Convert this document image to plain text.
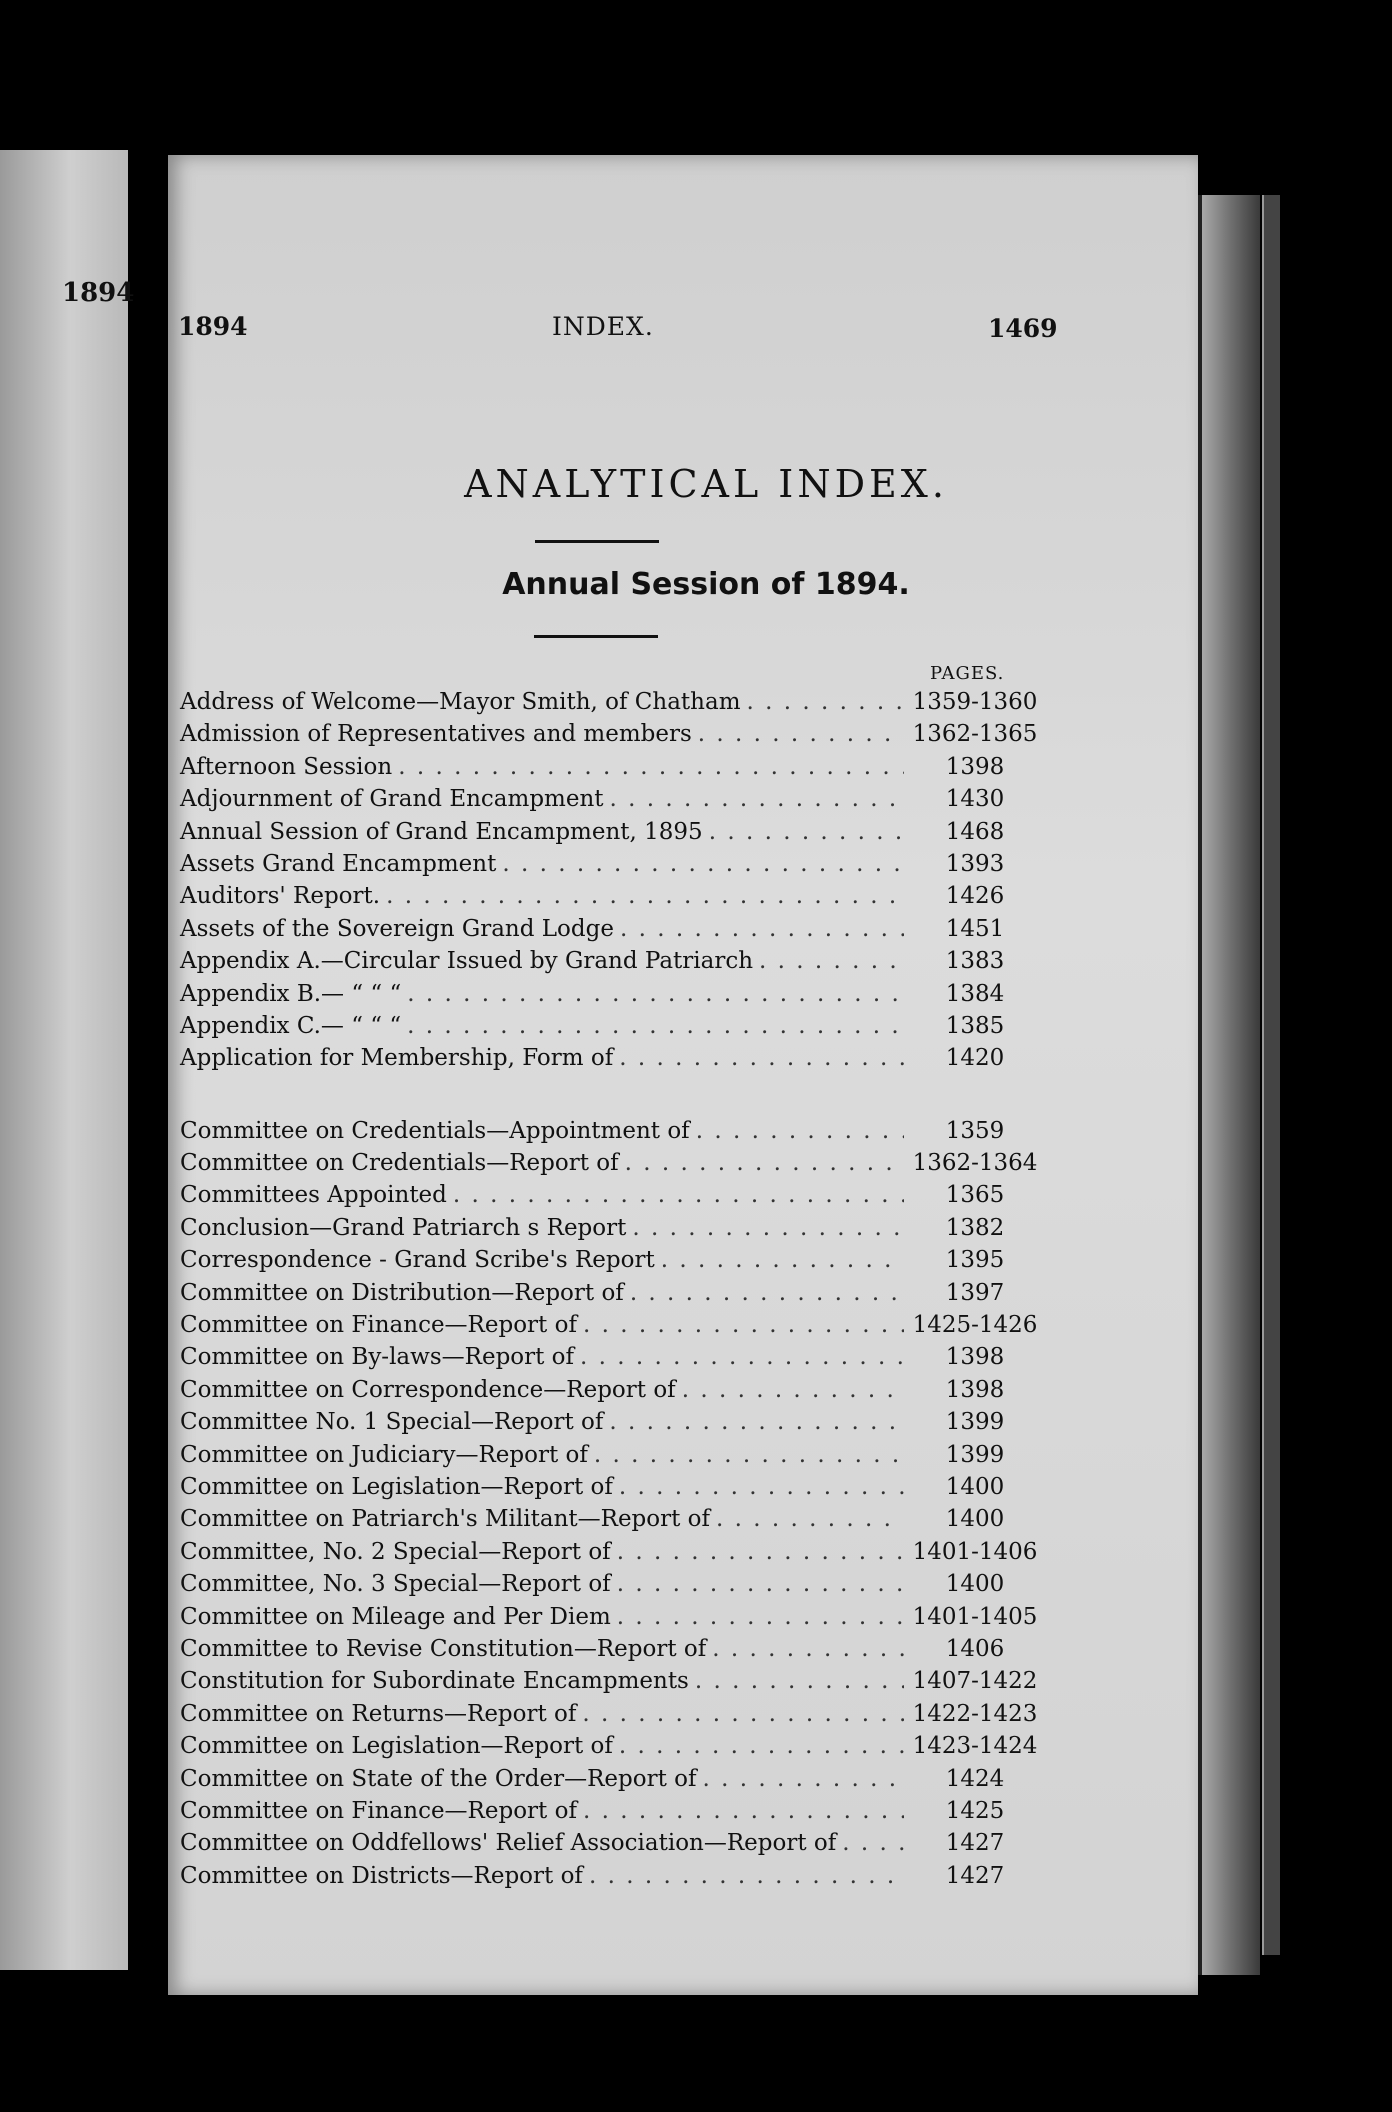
1894
1894	INDEX.	1469
ANALYTICAL INDEX.
Annual Session of 1894.
PAGES.
Address of Welcome—Mayor Smith, of Chatham . . .	1359-1360
Admission of Representatives and members . . .	1362-1365
Afternoon Session . . .	1398
Adjournment of Grand Encampment . . .	1430
Annual Session of Grand Encampment, 1895 . . .	1468
Assets Grand Encampment . . .	1393
Auditors' Report. . . .	1426
Assets of the Sovereign Grand Lodge . . .	1451
Appendix A.—Circular Issued by Grand Patriarch . . .	1383
Appendix B.— “ “ “ . . .	1384
Appendix C.— “ “ “ . . .	1385
Application for Membership, Form of . . .	1420
Committee on Credentials—Appointment of . . .	1359
Committee on Credentials—Report of . . .	1362-1364
Committees Appointed . . .	1365
Conclusion—Grand Patriarch s Report . . .	1382
Correspondence - Grand Scribe's Report . . .	1395
Committee on Distribution—Report of . . .	1397
Committee on Finance—Report of . . .	1425-1426
Committee on By-laws—Report of . . .	1398
Committee on Correspondence—Report of . . .	1398
Committee No. 1 Special—Report of . . .	1399
Committee on Judiciary—Report of . . .	1399
Committee on Legislation—Report of . . .	1400
Committee on Patriarch's Militant—Report of . . .	1400
Committee, No. 2 Special—Report of . . .	1401-1406
Committee, No. 3 Special—Report of . . .	1400
Committee on Mileage and Per Diem . . .	1401-1405
Committee to Revise Constitution—Report of . . .	1406
Constitution for Subordinate Encampments . . .	1407-1422
Committee on Returns—Report of . . .	1422-1423
Committee on Legislation—Report of . . .	1423-1424
Committee on State of the Order—Report of . . .	1424
Committee on Finance—Report of . . .	1425
Committee on Oddfellows' Relief Association—Report of . . .	1427
Committee on Districts—Report of . . .	1427
